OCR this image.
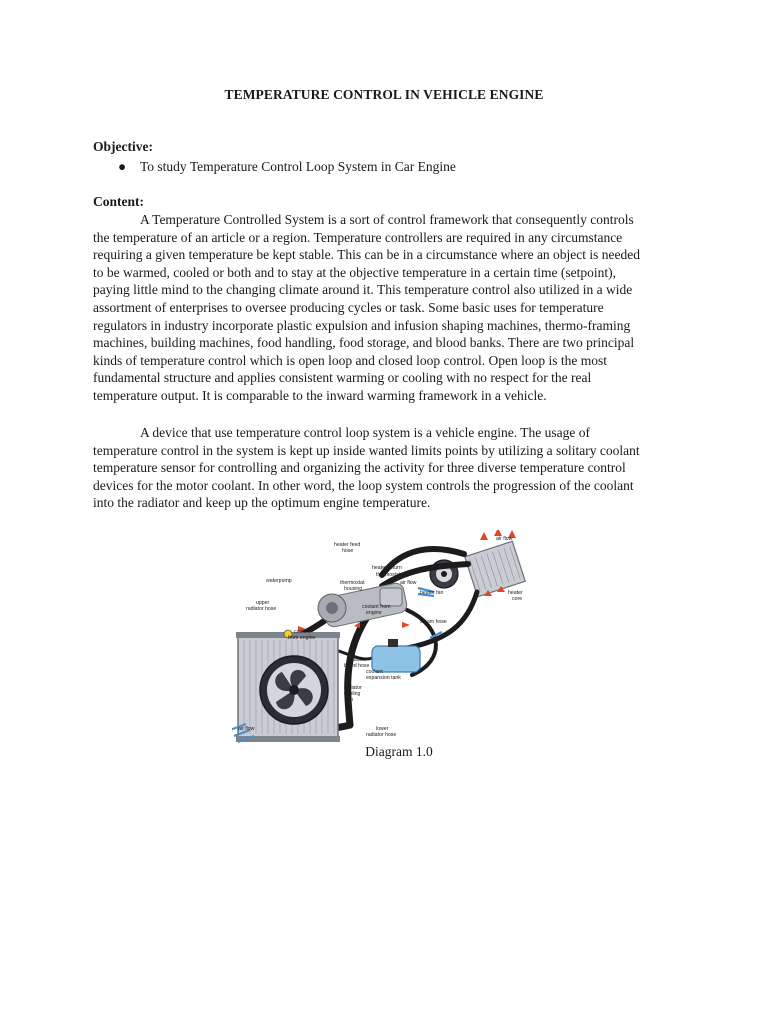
TEMPERATURE CONTROL IN VEHICLE ENGINE
Objective:
● To study Temperature Control Loop System in Car Engine
Content:

A Temperature Controlled System is a sort of control framework that consequently controls
the temperature of an article or a region. Temperature controllers are required in any circumstance
requiring a given temperature be kept stable. This can be in a circumstance where an object is needed
to be warmed, cooled or both and to stay at the objective temperature in a certain time (setpoint),
paying little mind to the changing climate around it. This temperature control also utilized in a wide
assortment of enterprises to oversee producing cycles or task. Some basic uses for temperature
regulators in industry incorporate plastic expulsion and infusion shaping machines, thermo-framing
machines, building machines, food handling, food storage, and blood banks. There are two principal
kinds of temperature control which is open loop and closed loop control. Open loop is the most
fundamental structure and applies consistent warming or cooling with no respect for the real
temperature output. It is comparable to the inward warming framework in a vehicle.

A device that use temperature control loop system is a vehicle engine. The usage of
temperature control in the system is kept up inside wanted limits points by utilizing a solitary coolant
temperature sensor for controlling and organizing the activity for three diverse temperature control
devices for the motor coolant. In other word, the loop system controls the progression of the coolant
into the radiator and keep up the optimum engine temperature.

heater feed
hose
air flow
heater return
thermostat
air flow
waterpump	thermostat
housing
heater fan	heater
core
upper
radiator hose	coolant from
engine
steam hose
coolant
from engine
radiator
bleed hose
coolant
expansion tank
radiator
cooling
fan
air flow	lower
radiator hose
Diagram 1.0
